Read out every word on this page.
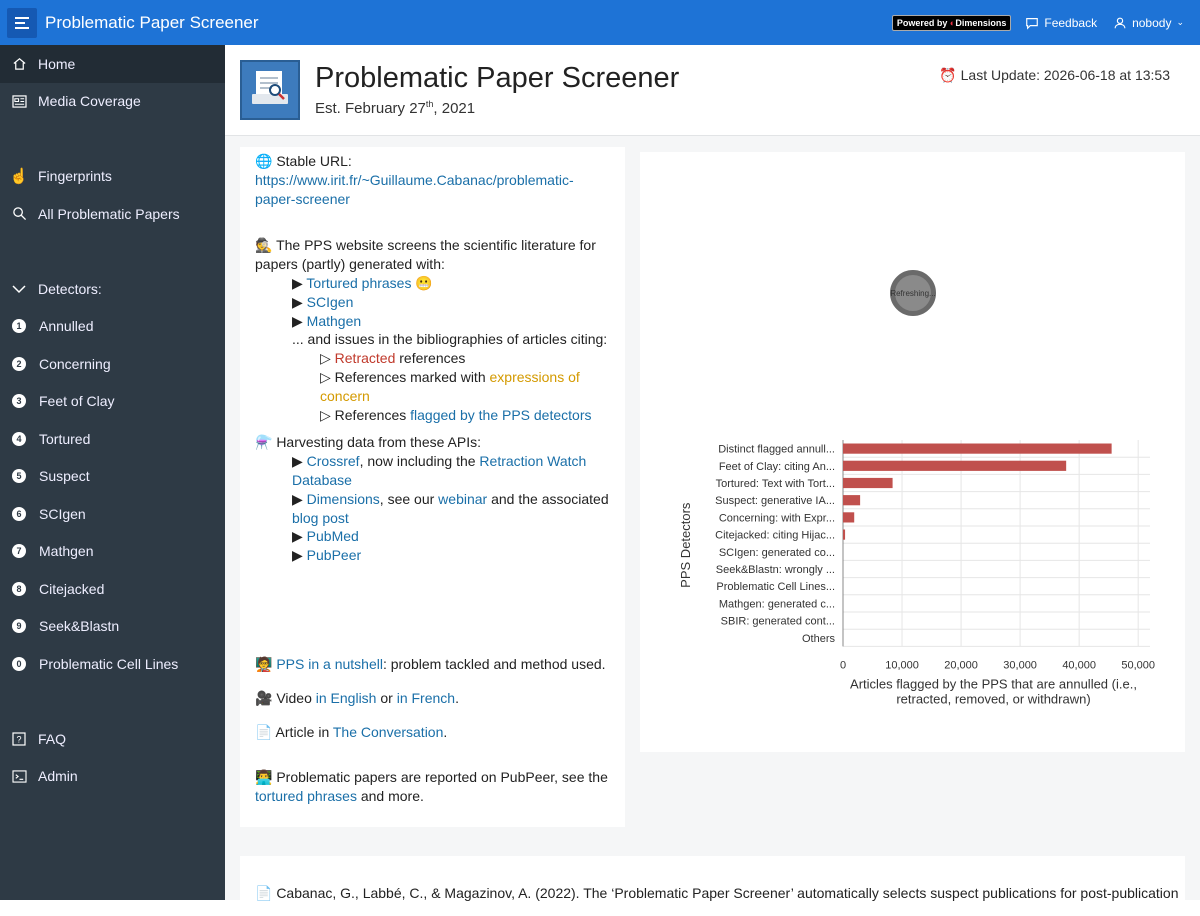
Problematic Paper Screener	Powered by ◐Dimensions	Feedback	nobody ⌄
Home
Media Coverage
☝ Fingerprints
All Problematic Papers
Detectors:
1	Annulled
2	Concerning
3	Feet of Clay
4	Tortured
5	Suspect
6	SCIgen
7	Mathgen
8	Citejacked
9	Seek&Blastn
0	Problematic Cell Lines
? FAQ
Admin
Problematic Paper Screener
Est. February 27th, 2021
⏰ Last Update: 2026-06-18 at 13:53
🌐 Stable URL:
https://www.irit.fr/~Guillaume.Cabanac/problematic-paper-screener
🕵 The PPS website screens the scientific literature for papers (partly) generated with:
▶ Tortured phrases 😬
▶ SCIgen
▶ Mathgen
... and issues in the bibliographies of articles citing:
▷ Retracted references
▷ References marked with expressions of concern
▷ References flagged by the PPS detectors
⚗️ Harvesting data from these APIs:
▶ Crossref, now including the Retraction Watch Database
▶ Dimensions, see our webinar and the associated blog post
▶ PubMed
▶ PubPeer
🧑‍🏫 PPS in a nutshell: problem tackled and method used.
🎥 Video in English or in French.
📄 Article in The Conversation.
👨‍💻 Problematic papers are reported on PubPeer, see the tortured phrases and more.
Refreshing...
Distinct flagged annull...
Feet of Clay: citing An...
Tortured: Text with Tort...
Suspect: generative IA...
Concerning: with Expr...
Citejacked: citing Hijac...
SCIgen: generated co...
Seek&Blastn: wrongly ...
Problematic Cell Lines...
Mathgen: generated c...
SBIR: generated cont...
Others
0	10,000 20,000 30,000 40,000 50,000
Articles flagged by the PPS that are annulled (i.e.,
retracted, removed, or withdrawn)
PPS Detectors
📄 Cabanac, G., Labbé, C., & Magazinov, A. (2022). The ‘Problematic Paper Screener’ automatically selects suspect publications for post-publication
